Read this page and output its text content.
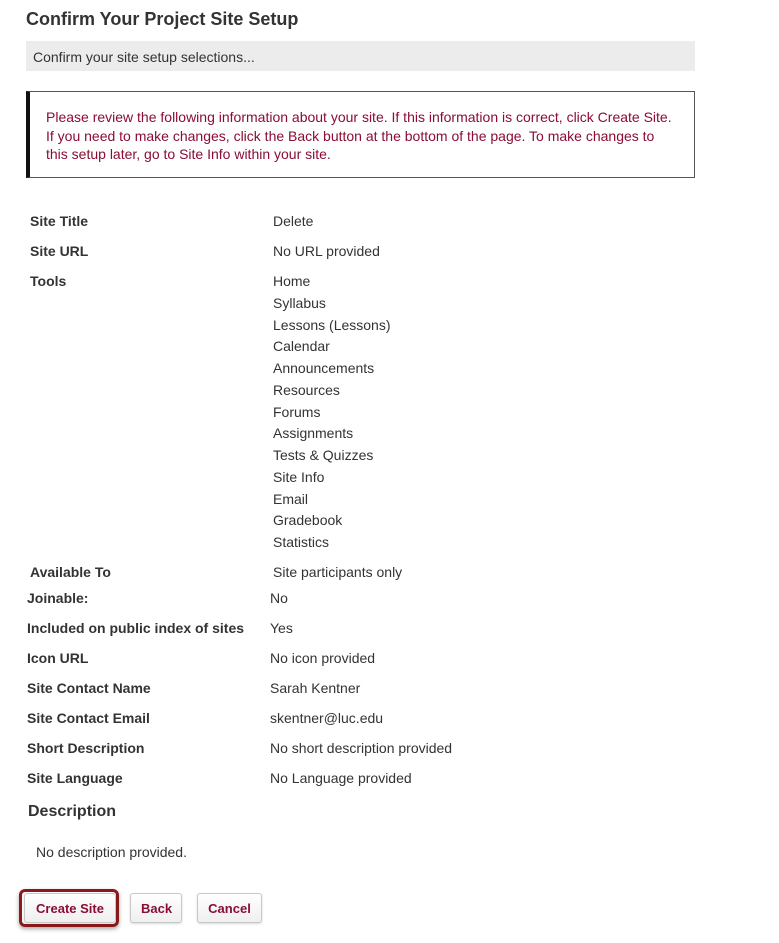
Confirm Your Project Site Setup
Confirm your site setup selections...
Please review the following information about your site. If this information is correct, click Create Site. If you need to make changes, click the Back button at the bottom of the page. To make changes to this setup later, go to Site Info within your site.
Site Title	Delete
Site URL	No URL provided
Tools	Home
Syllabus
Lessons (Lessons)
Calendar
Announcements
Resources
Forums
Assignments
Tests & Quizzes
Site Info
Email
Gradebook
Statistics
Available To	Site participants only
Joinable:	No
Included on public index of sites Yes
Icon URL	No icon provided
Site Contact Name	Sarah Kentner
Site Contact Email	skentner@luc.edu
Short Description	No short description provided
Site Language	No Language provided
Description
No description provided.
Create Site	Back	Cancel
